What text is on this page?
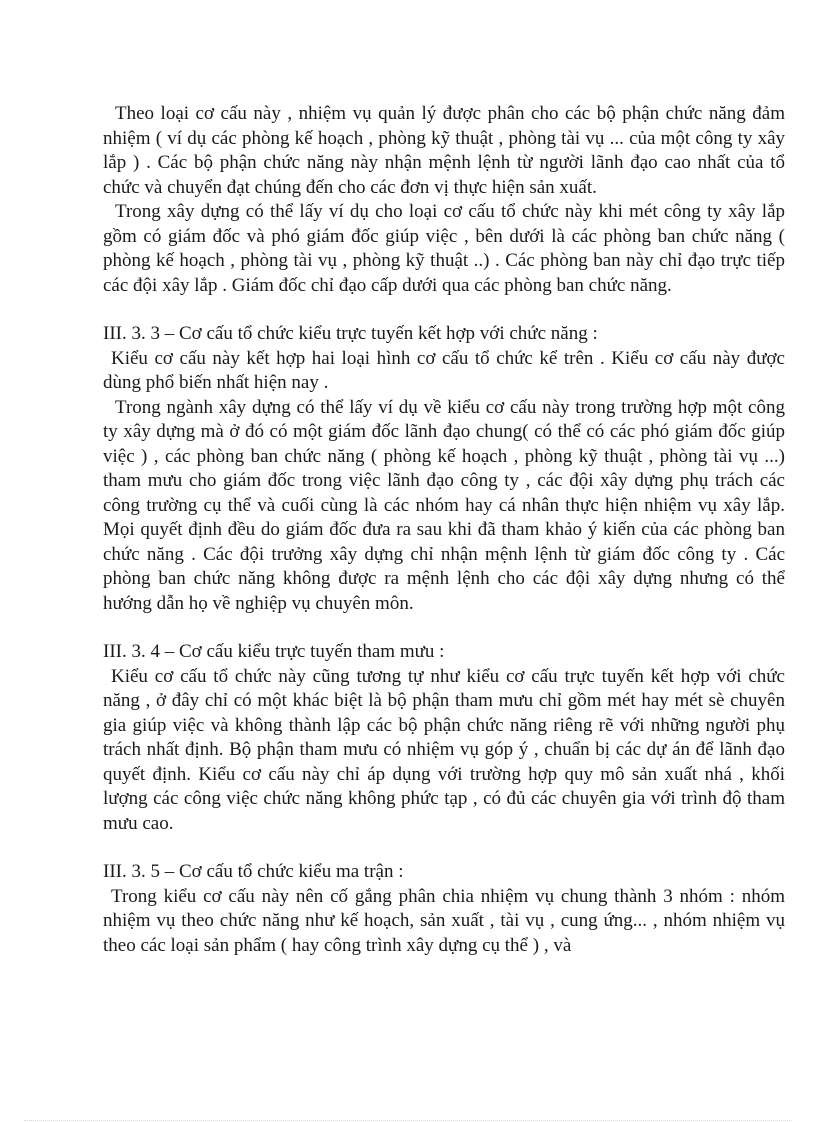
Theo loại cơ cấu này , nhiệm vụ quản lý được phân cho các bộ phận chức năng đảm nhiệm ( ví dụ các phòng kế hoạch , phòng kỹ thuật , phòng tài vụ ... của một công ty xây lắp ) . Các bộ phận chức năng này nhận mệnh lệnh từ người lãnh đạo cao nhất của tổ chức và chuyển đạt chúng đến cho các đơn vị thực hiện sản xuất.

Trong xây dựng có thể lấy ví dụ cho loại cơ cấu tổ chức này khi mét công ty xây lắp gồm có giám đốc và phó giám đốc giúp việc , bên dưới là các phòng ban chức năng ( phòng kế hoạch , phòng tài vụ , phòng kỹ thuật ..) . Các phòng ban này chỉ đạo trực tiếp các đội xây lắp . Giám đốc chỉ đạo cấp dưới qua các phòng ban chức năng.

III. 3. 3 – Cơ cấu tổ chức kiểu trực tuyến kết hợp với chức năng :

Kiểu cơ cấu này kết hợp hai loại hình cơ cấu tổ chức kể trên . Kiểu cơ cấu này được dùng phổ biến nhất hiện nay .

Trong ngành xây dựng có thể lấy ví dụ về kiểu cơ cấu này trong trường hợp một công ty xây dựng mà ở đó có một giám đốc lãnh đạo chung( có thể có các phó giám đốc giúp việc ) , các phòng ban chức năng ( phòng kế hoạch , phòng kỹ thuật , phòng tài vụ ...) tham mưu cho giám đốc trong việc lãnh đạo công ty , các đội xây dựng phụ trách các công trường cụ thể và cuối cùng là các nhóm hay cá nhân thực hiện nhiệm vụ xây lắp. Mọi quyết định đều do giám đốc đưa ra sau khi đã tham khảo ý kiến của các phòng ban chức năng . Các đội trưởng xây dựng chỉ nhận mệnh lệnh từ giám đốc công ty . Các phòng ban chức năng không được ra mệnh lệnh cho các đội xây dựng nhưng có thể hướng dẫn họ về nghiệp vụ chuyên môn.

III. 3. 4 – Cơ cấu kiểu trực tuyến tham mưu :

Kiểu cơ cấu tổ chức này cũng tương tự như kiểu cơ cấu trực tuyến kết hợp với chức năng , ở đây chỉ có một khác biệt là bộ phận tham mưu chỉ gồm mét hay mét sè chuyên gia giúp việc và không thành lập các bộ phận chức năng riêng rẽ với những người phụ trách nhất định. Bộ phận tham mưu có nhiệm vụ góp ý , chuẩn bị các dự án để lãnh đạo quyết định. Kiểu cơ cấu này chỉ áp dụng với trường hợp quy mô sản xuất nhá , khối lượng các công việc chức năng không phức tạp , có đủ các chuyên gia với trình độ tham mưu cao.

III. 3. 5 – Cơ cấu tổ chức kiểu ma trận :

Trong kiểu cơ cấu này nên cố gắng phân chia nhiệm vụ chung thành 3 nhóm : nhóm nhiệm vụ theo chức năng như kế hoạch, sản xuất , tài vụ , cung ứng... , nhóm nhiệm vụ theo các loại sản phẩm ( hay công trình xây dựng cụ thể ) , và
